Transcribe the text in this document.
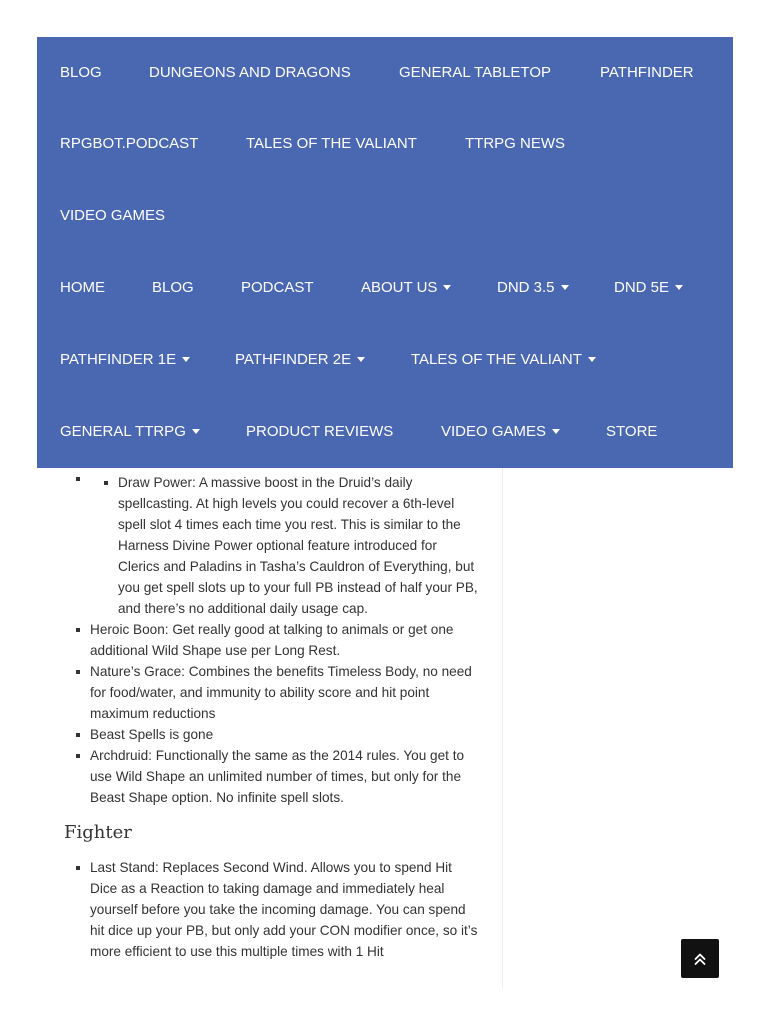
BLOG	DUNGEONS AND DRAGONS	GENERAL TABLETOP	PATHFINDER
RPGBOT.PODCAST	TALES OF THE VALIANT	TTRPG NEWS
VIDEO GAMES
HOME	BLOG	PODCAST	ABOUT US	DND 3.5	DND 5E
PATHFINDER 1E	PATHFINDER 2E	TALES OF THE VALIANT
GENERAL TTRPG	PRODUCT REVIEWS	VIDEO GAMES	STORE
Draw Power: A massive boost in the Druid’s daily spellcasting. At high levels you could recover a 6th-level spell slot 4 times each time you rest. This is similar to the Harness Divine Power optional feature introduced for Clerics and Paladins in Tasha’s Cauldron of Everything, but you get spell slots up to your full PB instead of half your PB, and there’s no additional daily usage cap.
Heroic Boon: Get really good at talking to animals or get one additional Wild Shape use per Long Rest.
Nature’s Grace: Combines the benefits Timeless Body, no need for food/water, and immunity to ability score and hit point maximum reductions
Beast Spells is gone
Archdruid: Functionally the same as the 2014 rules. You get to use Wild Shape an unlimited number of times, but only for the Beast Shape option. No infinite spell slots.
Fighter
Last Stand: Replaces Second Wind. Allows you to spend Hit Dice as a Reaction to taking damage and immediately heal yourself before you take the incoming damage. You can spend hit dice up your PB, but only add your CON modifier once, so it’s more efficient to use this multiple times with 1 Hit
